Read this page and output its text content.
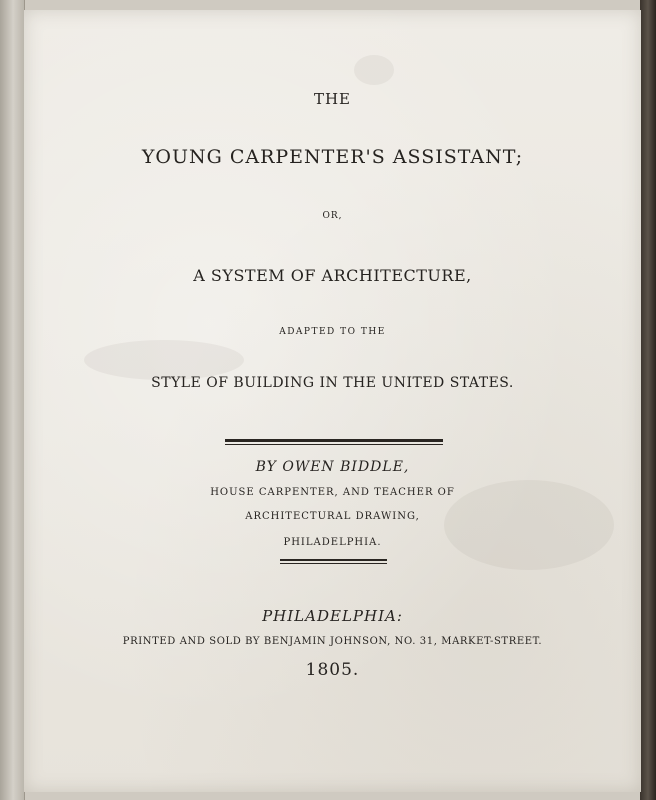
THE

YOUNG CARPENTER'S ASSISTANT;

OR,

A SYSTEM OF ARCHITECTURE,

ADAPTED TO THE

STYLE OF BUILDING IN THE UNITED STATES.

BY OWEN BIDDLE,

HOUSE CARPENTER, AND TEACHER OF

ARCHITECTURAL DRAWING,

PHILADELPHIA.

PHILADELPHIA:

PRINTED AND SOLD BY BENJAMIN JOHNSON, NO. 31, MARKET-STREET.

1805.
